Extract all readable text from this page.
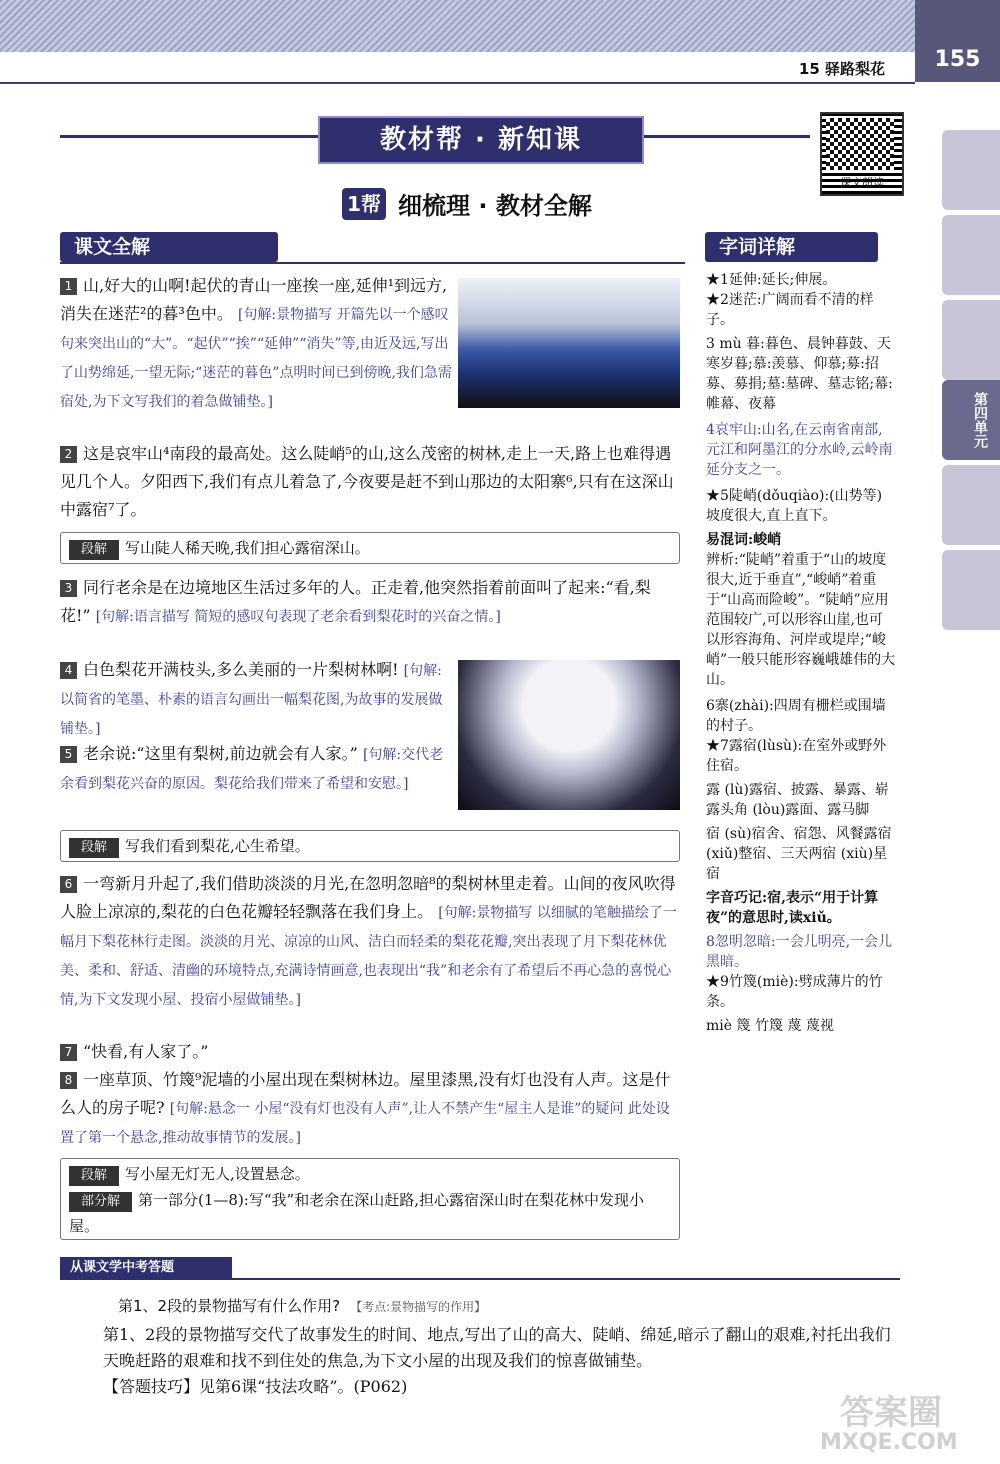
15 驿路梨花	155
第四单元
教材帮 · 新知课
课文朗读
1帮 细梳理 · 教材全解
课文全解	字词详解
1 山,好大的山啊!起伏的青山一座挨一座,延伸¹到远方,消失在迷茫²的暮³色中。 [句解:景物描写 开篇先以一个感叹句来突出山的“大”。“起伏”“挨”“延伸”“消失”等,由近及远,写出了山势绵延,一望无际;“迷茫的暮色”点明时间已到傍晚,我们急需宿处,为下文写我们的着急做铺垫。]
2 这是哀牢山⁴南段的最高处。这么陡峭⁵的山,这么茂密的树林,走上一天,路上也难得遇见几个人。夕阳西下,我们有点儿着急了,今夜要是赶不到山那边的太阳寨⁶,只有在这深山中露宿⁷了。
段解 写山陡人稀天晚,我们担心露宿深山。
3 同行老余是在边境地区生活过多年的人。正走着,他突然指着前面叫了起来:“看,梨花!” [句解:语言描写 简短的感叹句表现了老余看到梨花时的兴奋之情。]
4 白色梨花开满枝头,多么美丽的一片梨树林啊! [句解:以简省的笔墨、朴素的语言勾画出一幅梨花图,为故事的发展做铺垫。]
5 老余说:“这里有梨树,前边就会有人家。” [句解:交代老余看到梨花兴奋的原因。梨花给我们带来了希望和安慰。]
段解 写我们看到梨花,心生希望。
6 一弯新月升起了,我们借助淡淡的月光,在忽明忽暗⁸的梨树林里走着。山间的夜风吹得人脸上凉凉的,梨花的白色花瓣轻轻飘落在我们身上。 [句解:景物描写 以细腻的笔触描绘了一幅月下梨花林行走图。淡淡的月光、凉凉的山风、洁白而轻柔的梨花花瓣,突出表现了月下梨花林优美、柔和、舒适、清幽的环境特点,充满诗情画意,也表现出“我”和老余有了希望后不再心急的喜悦心情,为下文发现小屋、投宿小屋做铺垫。]
7 “快看,有人家了。”
8 一座草顶、竹篾⁹泥墙的小屋出现在梨树林边。屋里漆黑,没有灯也没有人声。这是什么人的房子呢? [句解:悬念一 小屋“没有灯也没有人声”,让人不禁产生“屋主人是谁”的疑问 此处设置了第一个悬念,推动故事情节的发展。]
段解 写小屋无灯无人,设置悬念。
部分解 第一部分(1—8):写“我”和老余在深山赶路,担心露宿深山时在梨花林中发现小屋。
★1延伸:延长;伸展。
★2迷茫:广阔而看不清的样子。
3 mù 暮:暮色、晨钟暮鼓、天寒岁暮;慕:羡慕、仰慕;募:招募、募捐;墓:墓碑、墓志铭;幕:帷幕、夜幕
4哀牢山:山名,在云南省南部,元江和阿墨江的分水岭,云岭南延分支之一。
★5陡峭(dǒuqiào):(山势等)坡度很大,直上直下。
易混词:峻峭
辨析:“陡峭”着重于“山的坡度很大,近于垂直”,“峻峭”着重于“山高而险峻”。“陡峭”应用范围较广,可以形容山崖,也可以形容海角、河岸或堤岸;“峻峭”一般只能形容巍峨雄伟的大山。
6寨(zhài):四周有栅栏或围墙的村子。
★7露宿(lùsù):在室外或野外住宿。
露 (lù)露宿、披露、暴露、崭露头角 (lòu)露面、露马脚
宿 (sù)宿舍、宿怨、风餐露宿 (xiǔ)整宿、三天两宿 (xiù)星宿
字音巧记:宿,表示“用于计算夜”的意思时,读xiǔ。
8忽明忽暗:一会儿明亮,一会儿黑暗。
★9竹篾(miè):劈成薄片的竹条。
miè 篾 竹篾 蔑 蔑视
从课文学中考答题
第1、2段的景物描写有什么作用? 【考点:景物描写的作用】
第1、2段的景物描写交代了故事发生的时间、地点,写出了山的高大、陡峭、绵延,暗示了翻山的艰难,衬托出我们天晚赶路的艰难和找不到住处的焦急,为下文小屋的出现及我们的惊喜做铺垫。
【答题技巧】见第6课“技法攻略”。(P062)
答案圈
MXQE.COM
